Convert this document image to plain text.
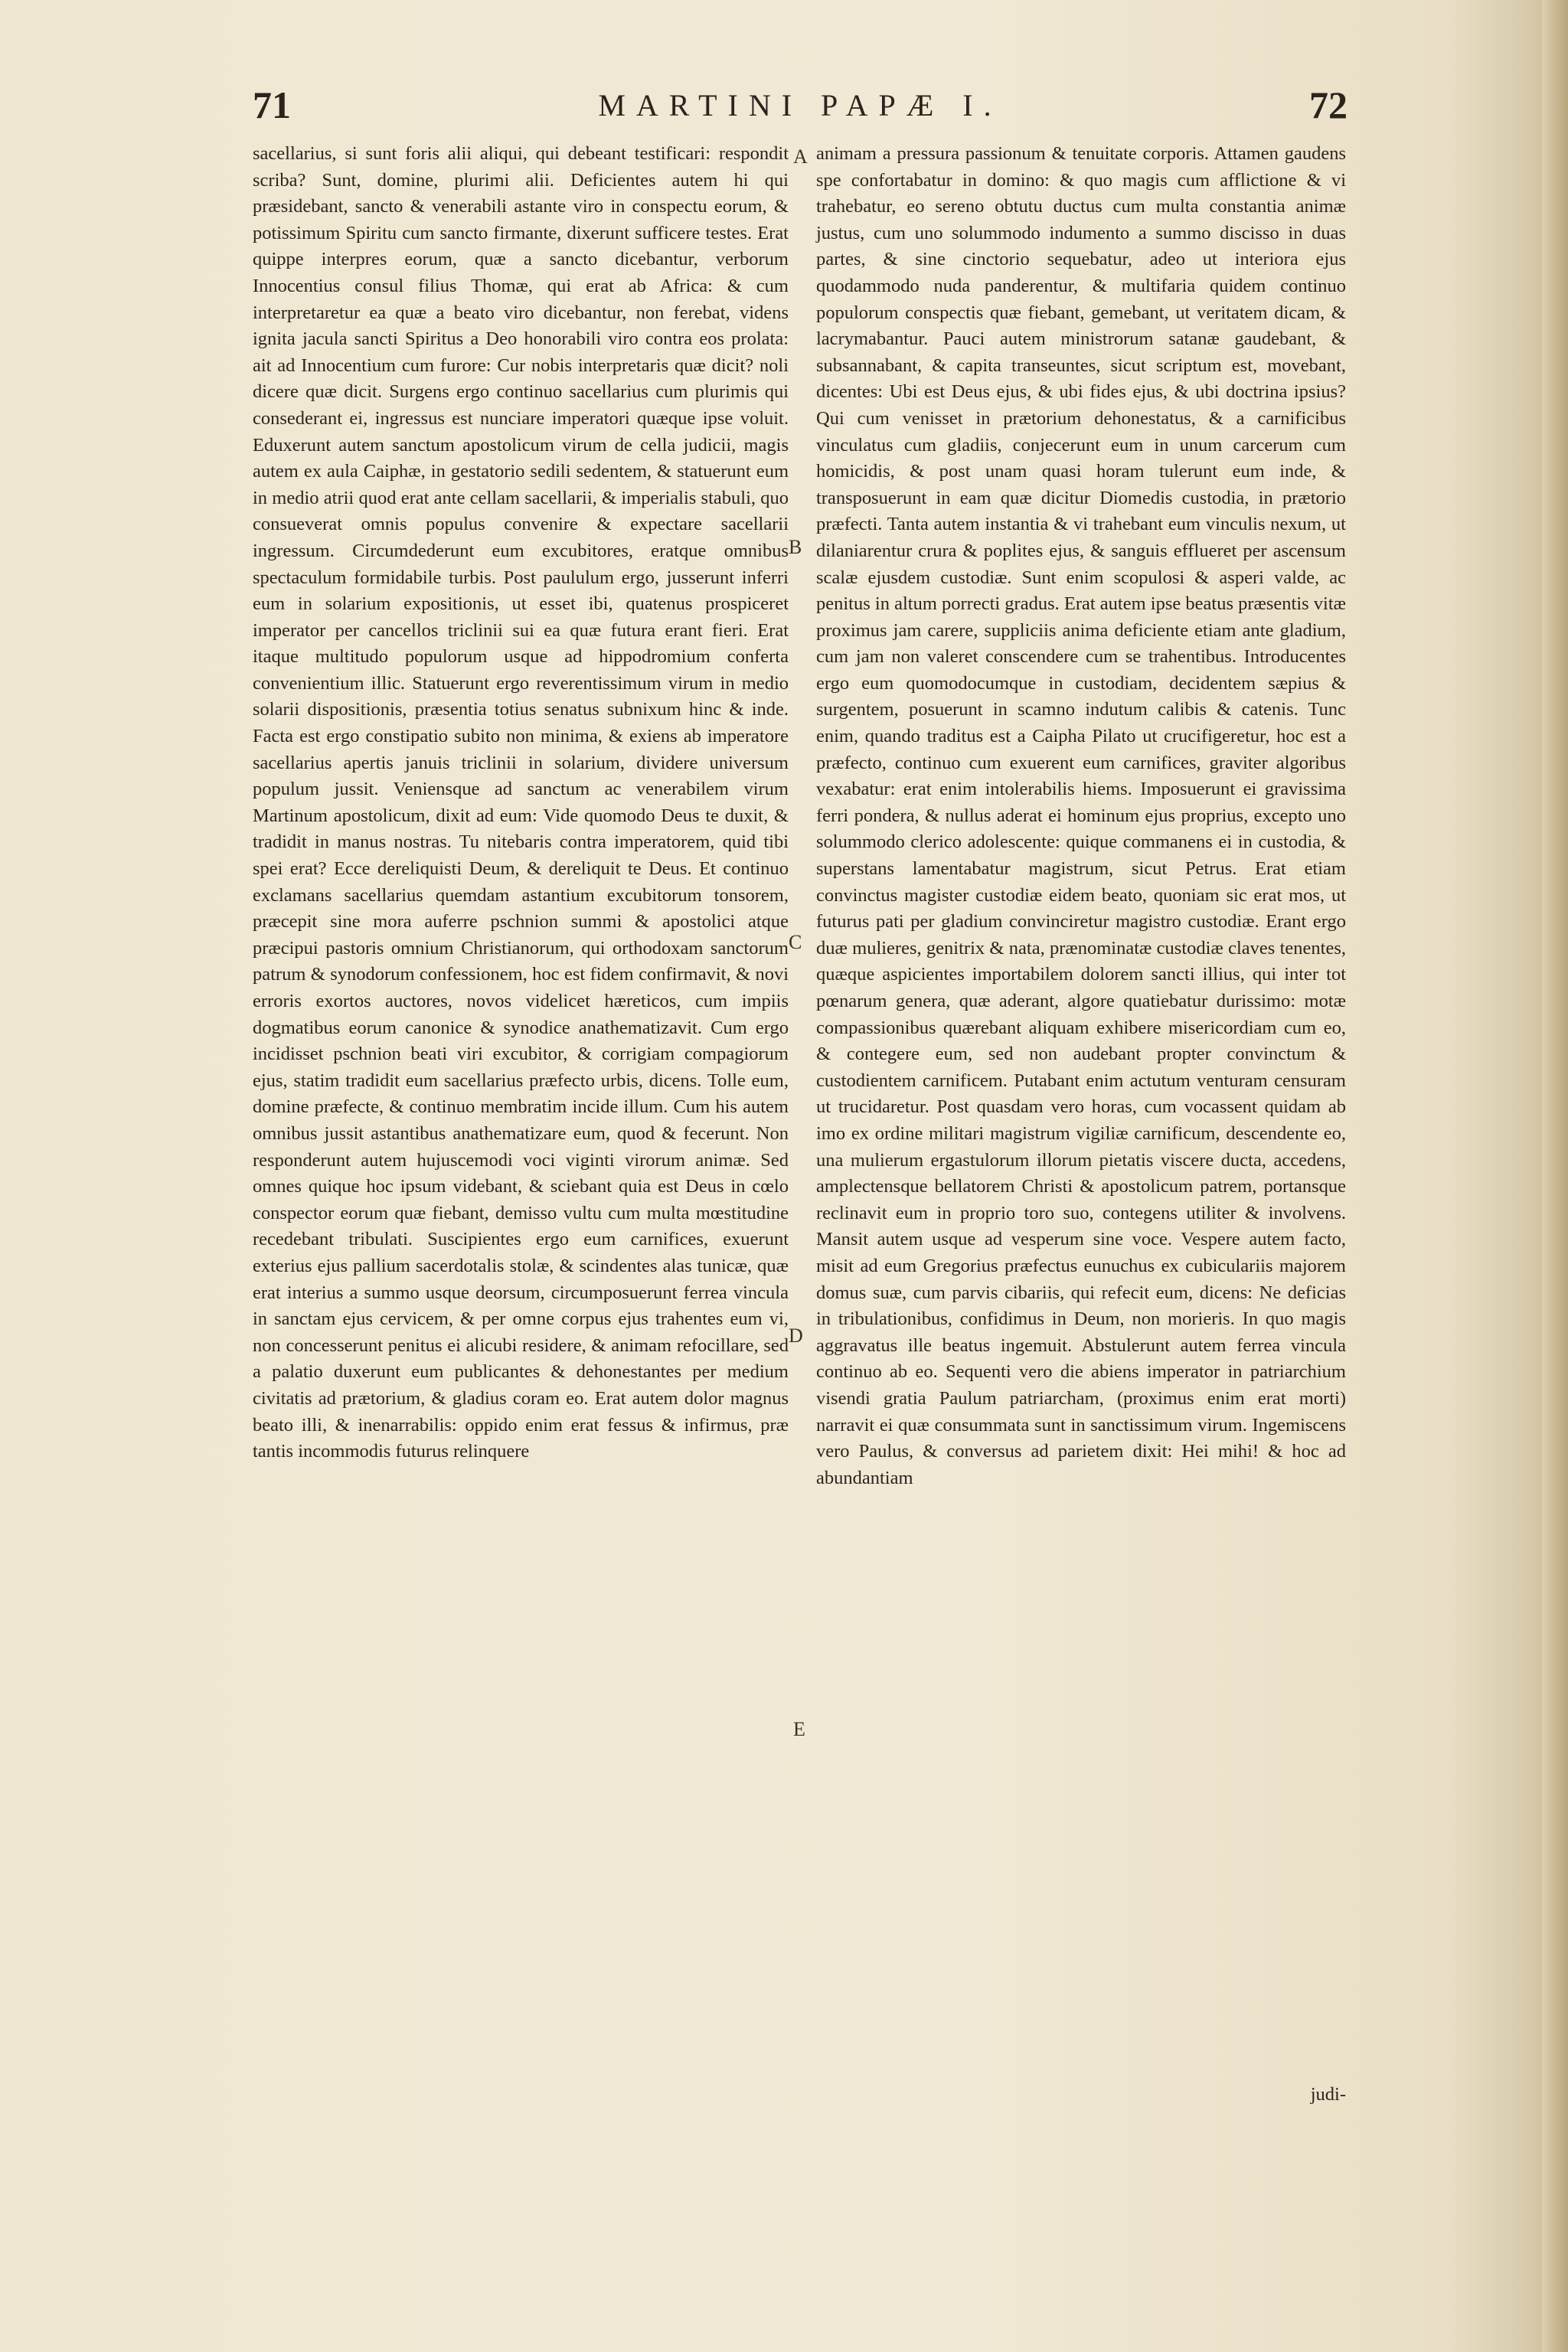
71	MARTINI PAPÆ I.	72

sacellarius, si sunt foris alii aliqui, qui debeant testificari: respondit scriba? Sunt, domine, plurimi alii. Deficientes autem hi qui præsidebant, sancto & venerabili astante viro in conspectu eorum, & potissimum Spiritu cum sancto firmante, dixerunt sufficere testes. Erat quippe interpres eorum, quæ a sancto dicebantur, verborum Innocentius consul filius Thomæ, qui erat ab Africa: & cum interpretaretur ea quæ a beato viro dicebantur, non ferebat, videns ignita jacula sancti Spiritus a Deo honorabili viro contra eos prolata: ait ad Innocentium cum furore: Cur nobis interpretaris quæ dicit? noli dicere quæ dicit. Surgens ergo continuo sacellarius cum plurimis qui consederant ei, ingressus est nunciare imperatori quæque ipse voluit. Eduxerunt autem sanctum apostolicum virum de cella judicii, magis autem ex aula Caiphæ, in gestatorio sedili sedentem, & statuerunt eum in medio atrii quod erat ante cellam sacellarii, & imperialis stabuli, quo consueverat omnis populus convenire & expectare sacellarii ingressum. Circumdederunt eum excubitores, eratque omnibus spectaculum formidabile turbis. Post paululum ergo, jusserunt inferri eum in solarium expositionis, ut esset ibi, quatenus prospiceret imperator per cancellos triclinii sui ea quæ futura erant fieri. Erat itaque multitudo populorum usque ad hippodromium conferta convenientium illic. Statuerunt ergo reverentissimum virum in medio solarii dispositionis, præsentia totius senatus subnixum hinc & inde. Facta est ergo constipatio subito non minima, & exiens ab imperatore sacellarius apertis januis triclinii in solarium, dividere universum populum jussit. Veniensque ad sanctum ac venerabilem virum Martinum apostolicum, dixit ad eum: Vide quomodo Deus te duxit, & tradidit in manus nostras. Tu nitebaris contra imperatorem, quid tibi spei erat? Ecce dereliquisti Deum, & dereliquit te Deus. Et continuo exclamans sacellarius quemdam astantium excubitorum tonsorem, præcepit sine mora auferre pschnion summi & apostolici atque præcipui pastoris omnium Christianorum, qui orthodoxam sanctorum patrum & synodorum confessionem, hoc est fidem confirmavit, & novi erroris exortos auctores, novos videlicet hæreticos, cum impiis dogmatibus eorum canonice & synodice anathematizavit. Cum ergo incidisset pschnion beati viri excubitor, & corrigiam compagiorum ejus, statim tradidit eum sacellarius præfecto urbis, dicens. Tolle eum, domine præfecte, & continuo membratim incide illum. Cum his autem omnibus jussit astantibus anathematizare eum, quod & fecerunt. Non responderunt autem hujuscemodi voci viginti virorum animæ. Sed omnes quique hoc ipsum videbant, & sciebant quia est Deus in cœlo conspector eorum quæ fiebant, demisso vultu cum multa mœstitudine recedebant tribulati. Suscipientes ergo eum carnifices, exuerunt exterius ejus pallium sacerdotalis stolæ, & scindentes alas tunicæ, quæ erat interius a summo usque deorsum, circumposuerunt ferrea vincula in sanctam ejus cervicem, & per omne corpus ejus trahentes eum vi, non concesserunt penitus ei alicubi residere, & animam refocillare, sed a palatio duxerunt eum publicantes & dehonestantes per medium civitatis ad prætorium, & gladius coram eo. Erat autem dolor magnus beato illi, & inenarrabilis: oppido enim erat fessus & infirmus, præ tantis incommodis futurus relinquere

animam a pressura passionum & tenuitate corporis. Attamen gaudens spe confortabatur in domino: & quo magis cum afflictione & vi trahebatur, eo sereno obtutu ductus cum multa constantia animæ justus, cum uno solummodo indumento a summo discisso in duas partes, & sine cinctorio sequebatur, adeo ut interiora ejus quodammodo nuda panderentur, & multifaria quidem continuo populorum conspectis quæ fiebant, gemebant, ut veritatem dicam, & lacrymabantur. Pauci autem ministrorum satanæ gaudebant, & subsannabant, & capita transeuntes, sicut scriptum est, movebant, dicentes: Ubi est Deus ejus, & ubi fides ejus, & ubi doctrina ipsius? Qui cum venisset in prætorium dehonestatus, & a carnificibus vinculatus cum gladiis, conjecerunt eum in unum carcerum cum homicidis, & post unam quasi horam tulerunt eum inde, & transposuerunt in eam quæ dicitur Diomedis custodia, in prætorio præfecti. Tanta autem instantia & vi trahebant eum vinculis nexum, ut dilaniarentur crura & poplites ejus, & sanguis efflueret per ascensum scalæ ejusdem custodiæ. Sunt enim scopulosi & asperi valde, ac penitus in altum porrecti gradus. Erat autem ipse beatus præsentis vitæ proximus jam carere, suppliciis anima deficiente etiam ante gladium, cum jam non valeret conscendere cum se trahentibus. Introducentes ergo eum quomodocumque in custodiam, decidentem sæpius & surgentem, posuerunt in scamno indutum calibis & catenis. Tunc enim, quando traditus est a Caipha Pilato ut crucifigeretur, hoc est a præfecto, continuo cum exuerent eum carnifices, graviter algoribus vexabatur: erat enim intolerabilis hiems. Imposuerunt ei gravissima ferri pondera, & nullus aderat ei hominum ejus proprius, excepto uno solummodo clerico adolescente: quique commanens ei in custodia, & superstans lamentabatur magistrum, sicut Petrus. Erat etiam convinctus magister custodiæ eidem beato, quoniam sic erat mos, ut futurus pati per gladium convinciretur magistro custodiæ. Erant ergo duæ mulieres, genitrix & nata, prænominatæ custodiæ claves tenentes, quæque aspicientes importabilem dolorem sancti illius, qui inter tot pœnarum genera, quæ aderant, algore quatiebatur durissimo: motæ compassionibus quærebant aliquam exhibere misericordiam cum eo, & contegere eum, sed non audebant propter convinctum & custodientem carnificem. Putabant enim actutum venturam censuram ut trucidaretur. Post quasdam vero horas, cum vocassent quidam ab imo ex ordine militari magistrum vigiliæ carnificum, descendente eo, una mulierum ergastulorum illorum pietatis viscere ducta, accedens, amplectensque bellatorem Christi & apostolicum patrem, portansque reclinavit eum in proprio toro suo, contegens utiliter & involvens. Mansit autem usque ad vesperum sine voce. Vespere autem facto, misit ad eum Gregorius præfectus eunuchus ex cubiculariis majorem domus suæ, cum parvis cibariis, qui refecit eum, dicens: Ne deficias in tribulationibus, confidimus in Deum, non morieris. In quo magis aggravatus ille beatus ingemuit. Abstulerunt autem ferrea vincula continuo ab eo. Sequenti vero die abiens imperator in patriarchium visendi gratia Paulum patriarcham, (proximus enim erat morti) narravit ei quæ consummata sunt in sanctissimum virum. Ingemiscens vero Paulus, & conversus ad parietem dixit: Hei mihi! & hoc ad abundantiam

A
B
C
D
E
judi-
